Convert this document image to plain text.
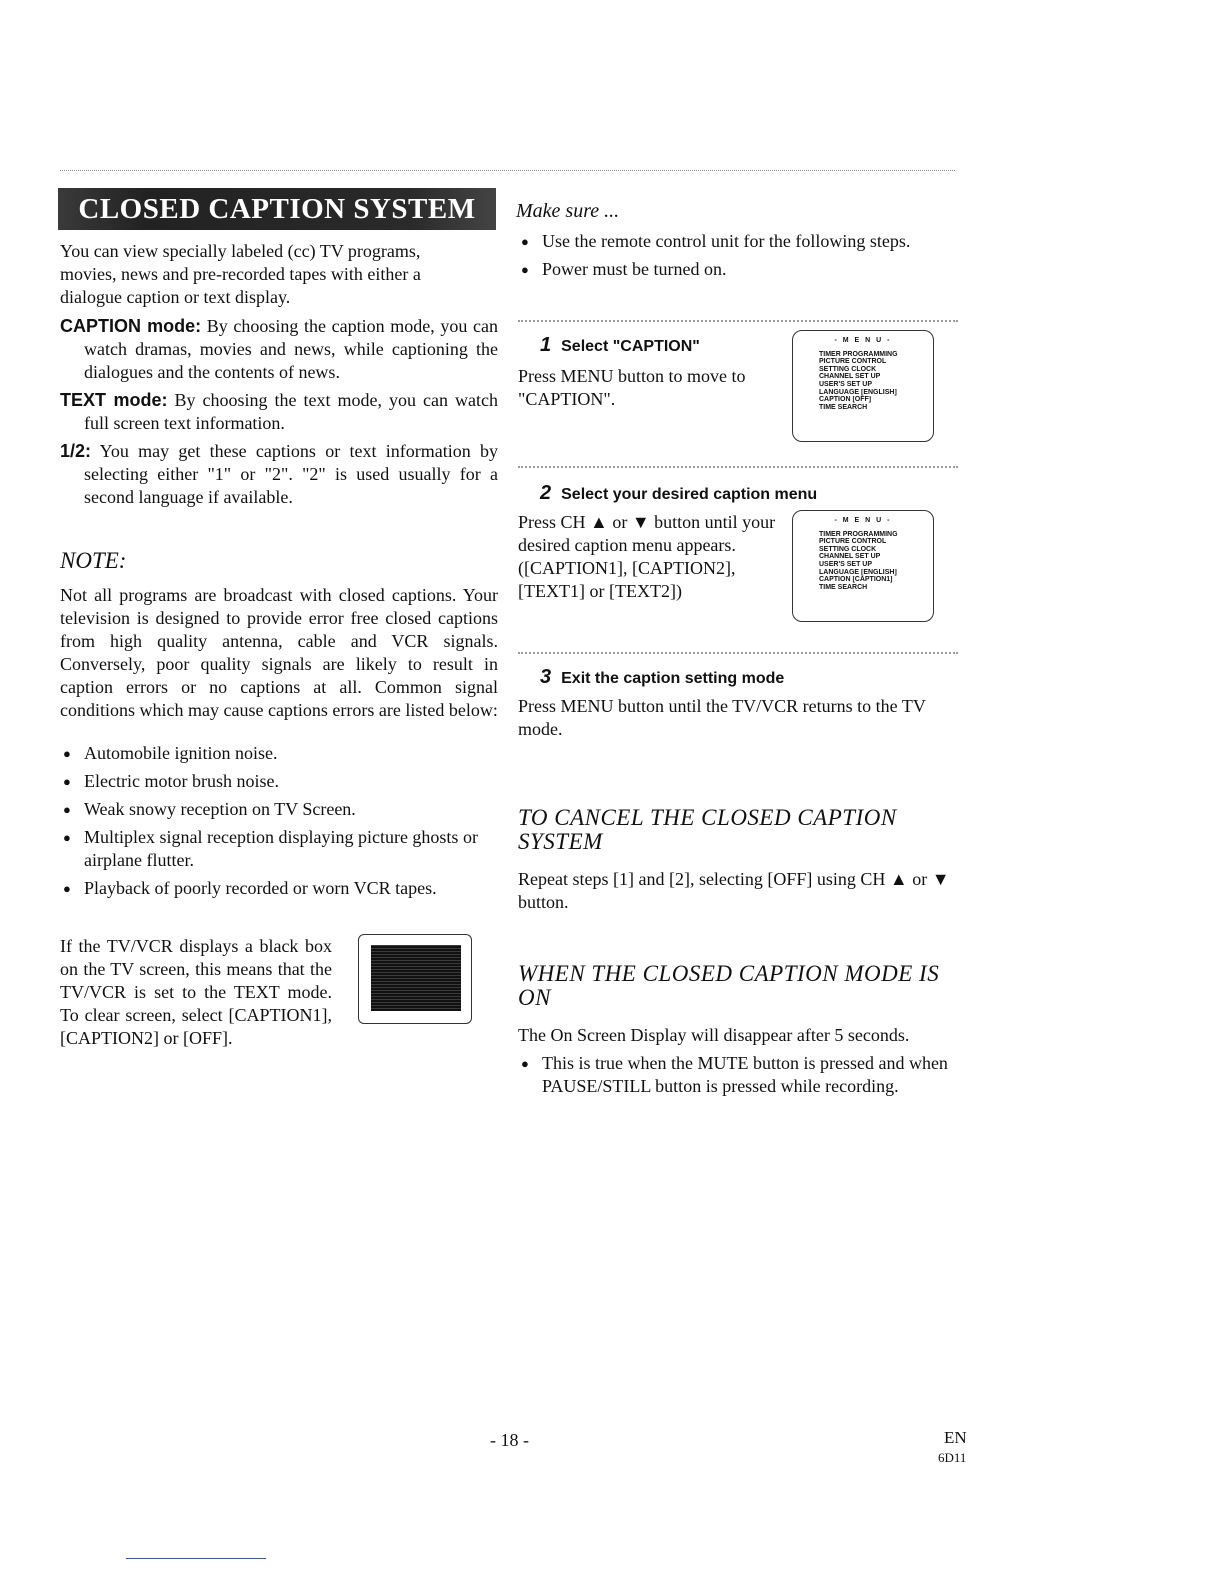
CLOSED CAPTION SYSTEM
You can view specially labeled (cc) TV programs, movies, news and pre-recorded tapes with either a dialogue caption or text display.
CAPTION mode: By choosing the caption mode, you can watch dramas, movies and news, while captioning the dialogues and the contents of news.
TEXT mode: By choosing the text mode, you can watch full screen text information.
1/2: You may get these captions or text information by selecting either "1" or "2". "2" is used usually for a second language if available.
NOTE:
Not all programs are broadcast with closed captions. Your television is designed to provide error free closed captions from high quality antenna, cable and VCR signals. Conversely, poor quality signals are likely to result in caption errors or no captions at all. Common signal conditions which may cause captions errors are listed below:
● Automobile ignition noise.
● Electric motor brush noise.
● Weak snowy reception on TV Screen.
● Multiplex signal reception displaying picture ghosts or airplane flutter.
● Playback of poorly recorded or worn VCR tapes.
If the TV/VCR displays a black box on the TV screen, this means that the TV/VCR is set to the TEXT mode. To clear screen, select [CAPTION1], [CAPTION2] or [OFF].
Make sure ...
● Use the remote control unit for the following steps.
● Power must be turned on.
1 Select "CAPTION"
Press MENU button to move to "CAPTION".
- M E N U -
TIMER PROGRAMMING
PICTURE CONTROL
SETTING CLOCK
CHANNEL SET UP
USER'S SET UP
LANGUAGE [ENGLISH]
► CAPTION [OFF]
TIME SEARCH
2 Select your desired caption menu
Press CH ▲ or ▼ button until your desired caption menu appears. ([CAPTION1], [CAPTION2], [TEXT1] or [TEXT2])
- M E N U -
TIMER PROGRAMMING
PICTURE CONTROL
SETTING CLOCK
CHANNEL SET UP
USER'S SET UP
LANGUAGE [ENGLISH]
► CAPTION [CAPTION1]
TIME SEARCH
3 Exit the caption setting mode
Press MENU button until the TV/VCR returns to the TV mode.
TO CANCEL THE CLOSED CAPTION SYSTEM
Repeat steps [1] and [2], selecting [OFF] using CH ▲ or ▼ button.
WHEN THE CLOSED CAPTION MODE IS ON
The On Screen Display will disappear after 5 seconds.
● This is true when the MUTE button is pressed and when PAUSE/STILL button is pressed while recording.
- 18 -	EN
6D11
